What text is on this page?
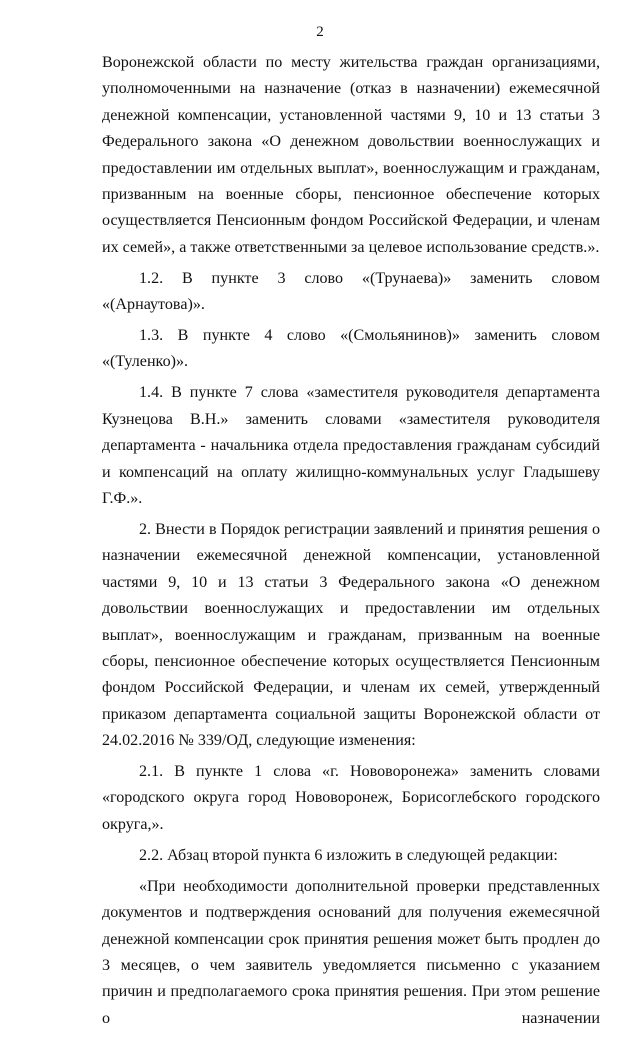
2

Воронежской области по месту жительства граждан организациями, уполномоченными на назначение (отказ в назначении) ежемесячной денежной компенсации, установленной частями 9, 10 и 13 статьи 3 Федерального закона «О денежном довольствии военнослужащих и предоставлении им отдельных выплат», военнослужащим и гражданам, призванным на военные сборы, пенсионное обеспечение которых осуществляется Пенсионным фондом Российской Федерации, и членам их семей», а также ответственными за целевое использование средств.».

1.2. В пункте 3 слово «(Трунаева)» заменить словом «(Арнаутова)».

1.3. В пункте 4 слово «(Смольянинов)» заменить словом «(Туленко)».

1.4. В пункте 7 слова «заместителя руководителя департамента Кузнецова В.Н.» заменить словами «заместителя руководителя департамента - начальника отдела предоставления гражданам субсидий и компенсаций на оплату жилищно-коммунальных услуг Гладышеву Г.Ф.».

2. Внести в Порядок регистрации заявлений и принятия решения о назначении ежемесячной денежной компенсации, установленной частями 9, 10 и 13 статьи 3 Федерального закона «О денежном довольствии военнослужащих и предоставлении им отдельных выплат», военнослужащим и гражданам, призванным на военные сборы, пенсионное обеспечение которых осуществляется Пенсионным фондом Российской Федерации, и членам их семей, утвержденный приказом департамента социальной защиты Воронежской области от 24.02.2016 № 339/ОД, следующие изменения:

2.1. В пункте 1 слова «г. Нововоронежа» заменить словами «городского округа город Нововоронеж, Борисоглебского городского округа,».

2.2. Абзац второй пункта 6 изложить в следующей редакции:

«При необходимости дополнительной проверки представленных документов и подтверждения оснований для получения ежемесячной денежной компенсации срок принятия решения может быть продлен до 3 месяцев, о чем заявитель уведомляется письменно с указанием причин и предполагаемого срока принятия решения. При этом решение о назначении
